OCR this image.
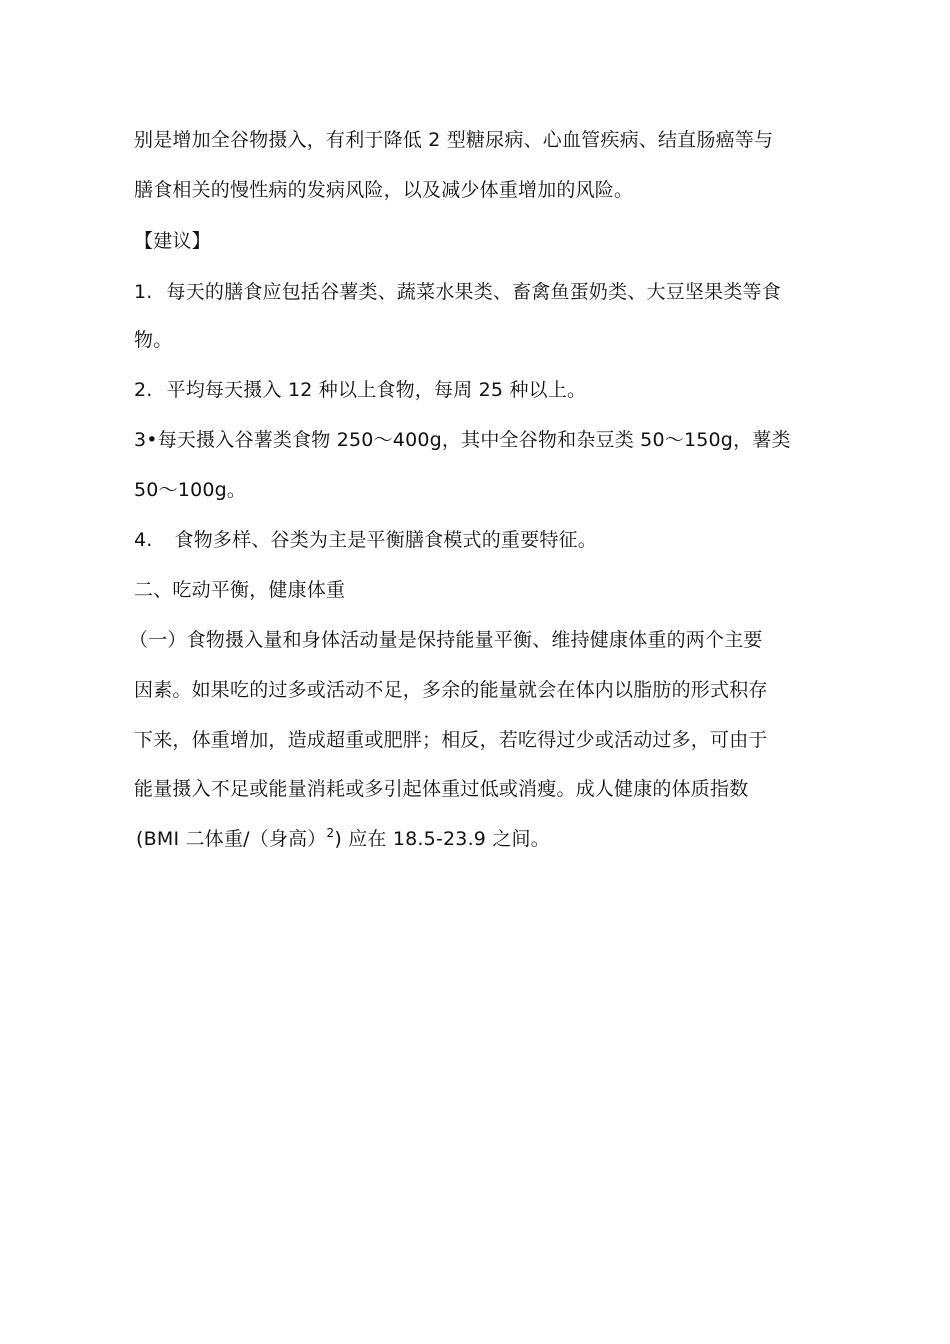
别是增加全谷物摄入，有利于降低 2 型糖尿病、心血管疾病、结直肠癌等与
膳食相关的慢性病的发病风险，以及减少体重增加的风险。
【建议】
1. 每天的膳食应包括谷薯类、蔬菜水果类、畜禽鱼蛋奶类、大豆坚果类等食
物。
2. 平均每天摄入 12 种以上食物，每周 25 种以上。
3•每天摄入谷薯类食物 250〜400g，其中全谷物和杂豆类 50〜150g，薯类
50〜100g。
4. 食物多样、谷类为主是平衡膳食模式的重要特征。
二、吃动平衡，健康体重
（一）食物摄入量和身体活动量是保持能量平衡、维持健康体重的两个主要
因素。如果吃的过多或活动不足，多余的能量就会在体内以脂肪的形式积存
下来，体重增加，造成超重或肥胖；相反，若吃得过少或活动过多，可由于
能量摄入不足或能量消耗或多引起体重过低或消瘦。成人健康的体质指数
(BMI 二体重/（身高）$^2$) 应在 18.5-23.9 之间。
